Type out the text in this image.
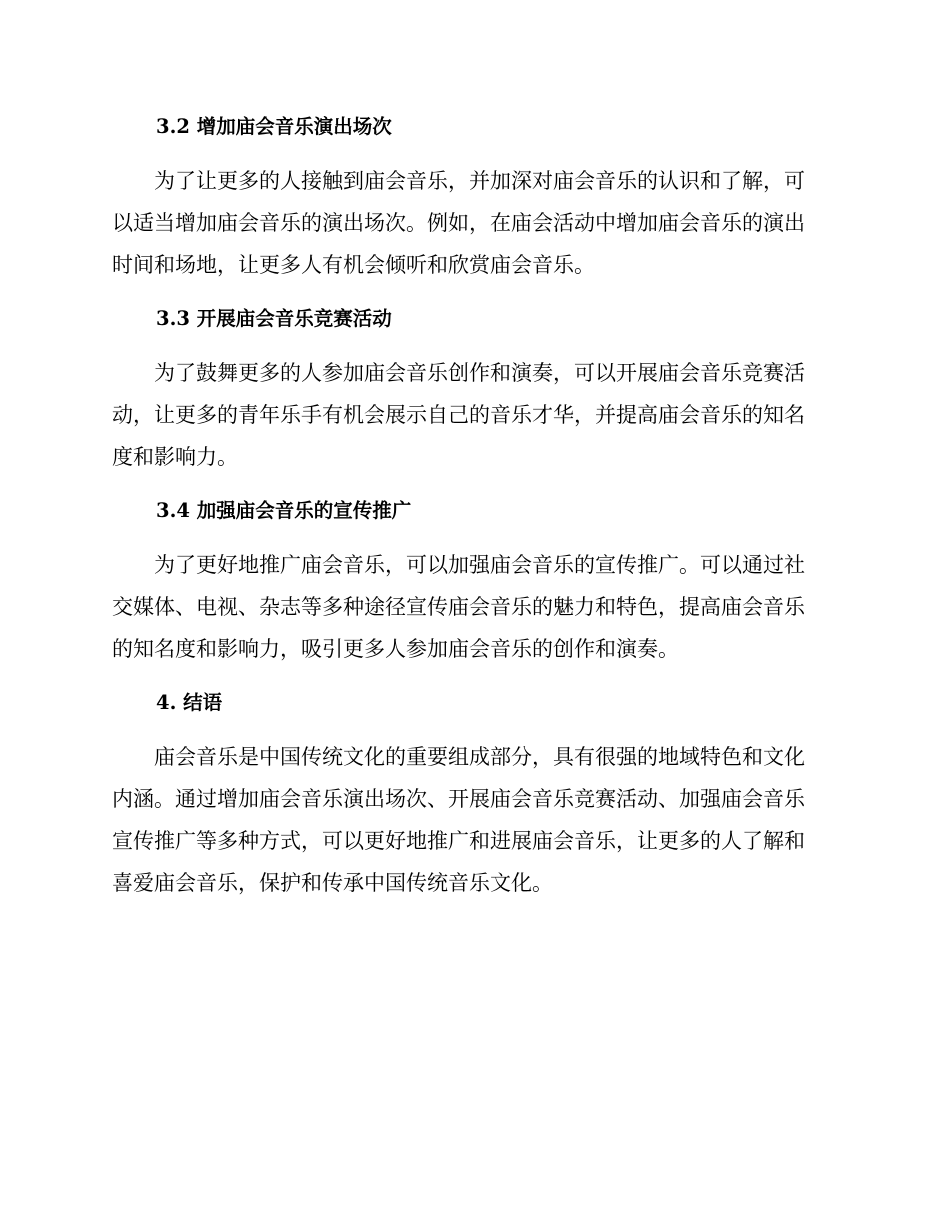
3.2 增加庙会音乐演出场次
为了让更多的人接触到庙会音乐，并加深对庙会音乐的认识和了解，可
以适当增加庙会音乐的演出场次。例如，在庙会活动中增加庙会音乐的演出
时间和场地，让更多人有机会倾听和欣赏庙会音乐。
3.3 开展庙会音乐竞赛活动
为了鼓舞更多的人参加庙会音乐创作和演奏，可以开展庙会音乐竞赛活
动，让更多的青年乐手有机会展示自己的音乐才华，并提高庙会音乐的知名
度和影响力。
3.4 加强庙会音乐的宣传推广
为了更好地推广庙会音乐，可以加强庙会音乐的宣传推广。可以通过社
交媒体、电视、杂志等多种途径宣传庙会音乐的魅力和特色，提高庙会音乐
的知名度和影响力，吸引更多人参加庙会音乐的创作和演奏。
4. 结语
庙会音乐是中国传统文化的重要组成部分，具有很强的地域特色和文化
内涵。通过增加庙会音乐演出场次、开展庙会音乐竞赛活动、加强庙会音乐
宣传推广等多种方式，可以更好地推广和进展庙会音乐，让更多的人了解和
喜爱庙会音乐，保护和传承中国传统音乐文化。
